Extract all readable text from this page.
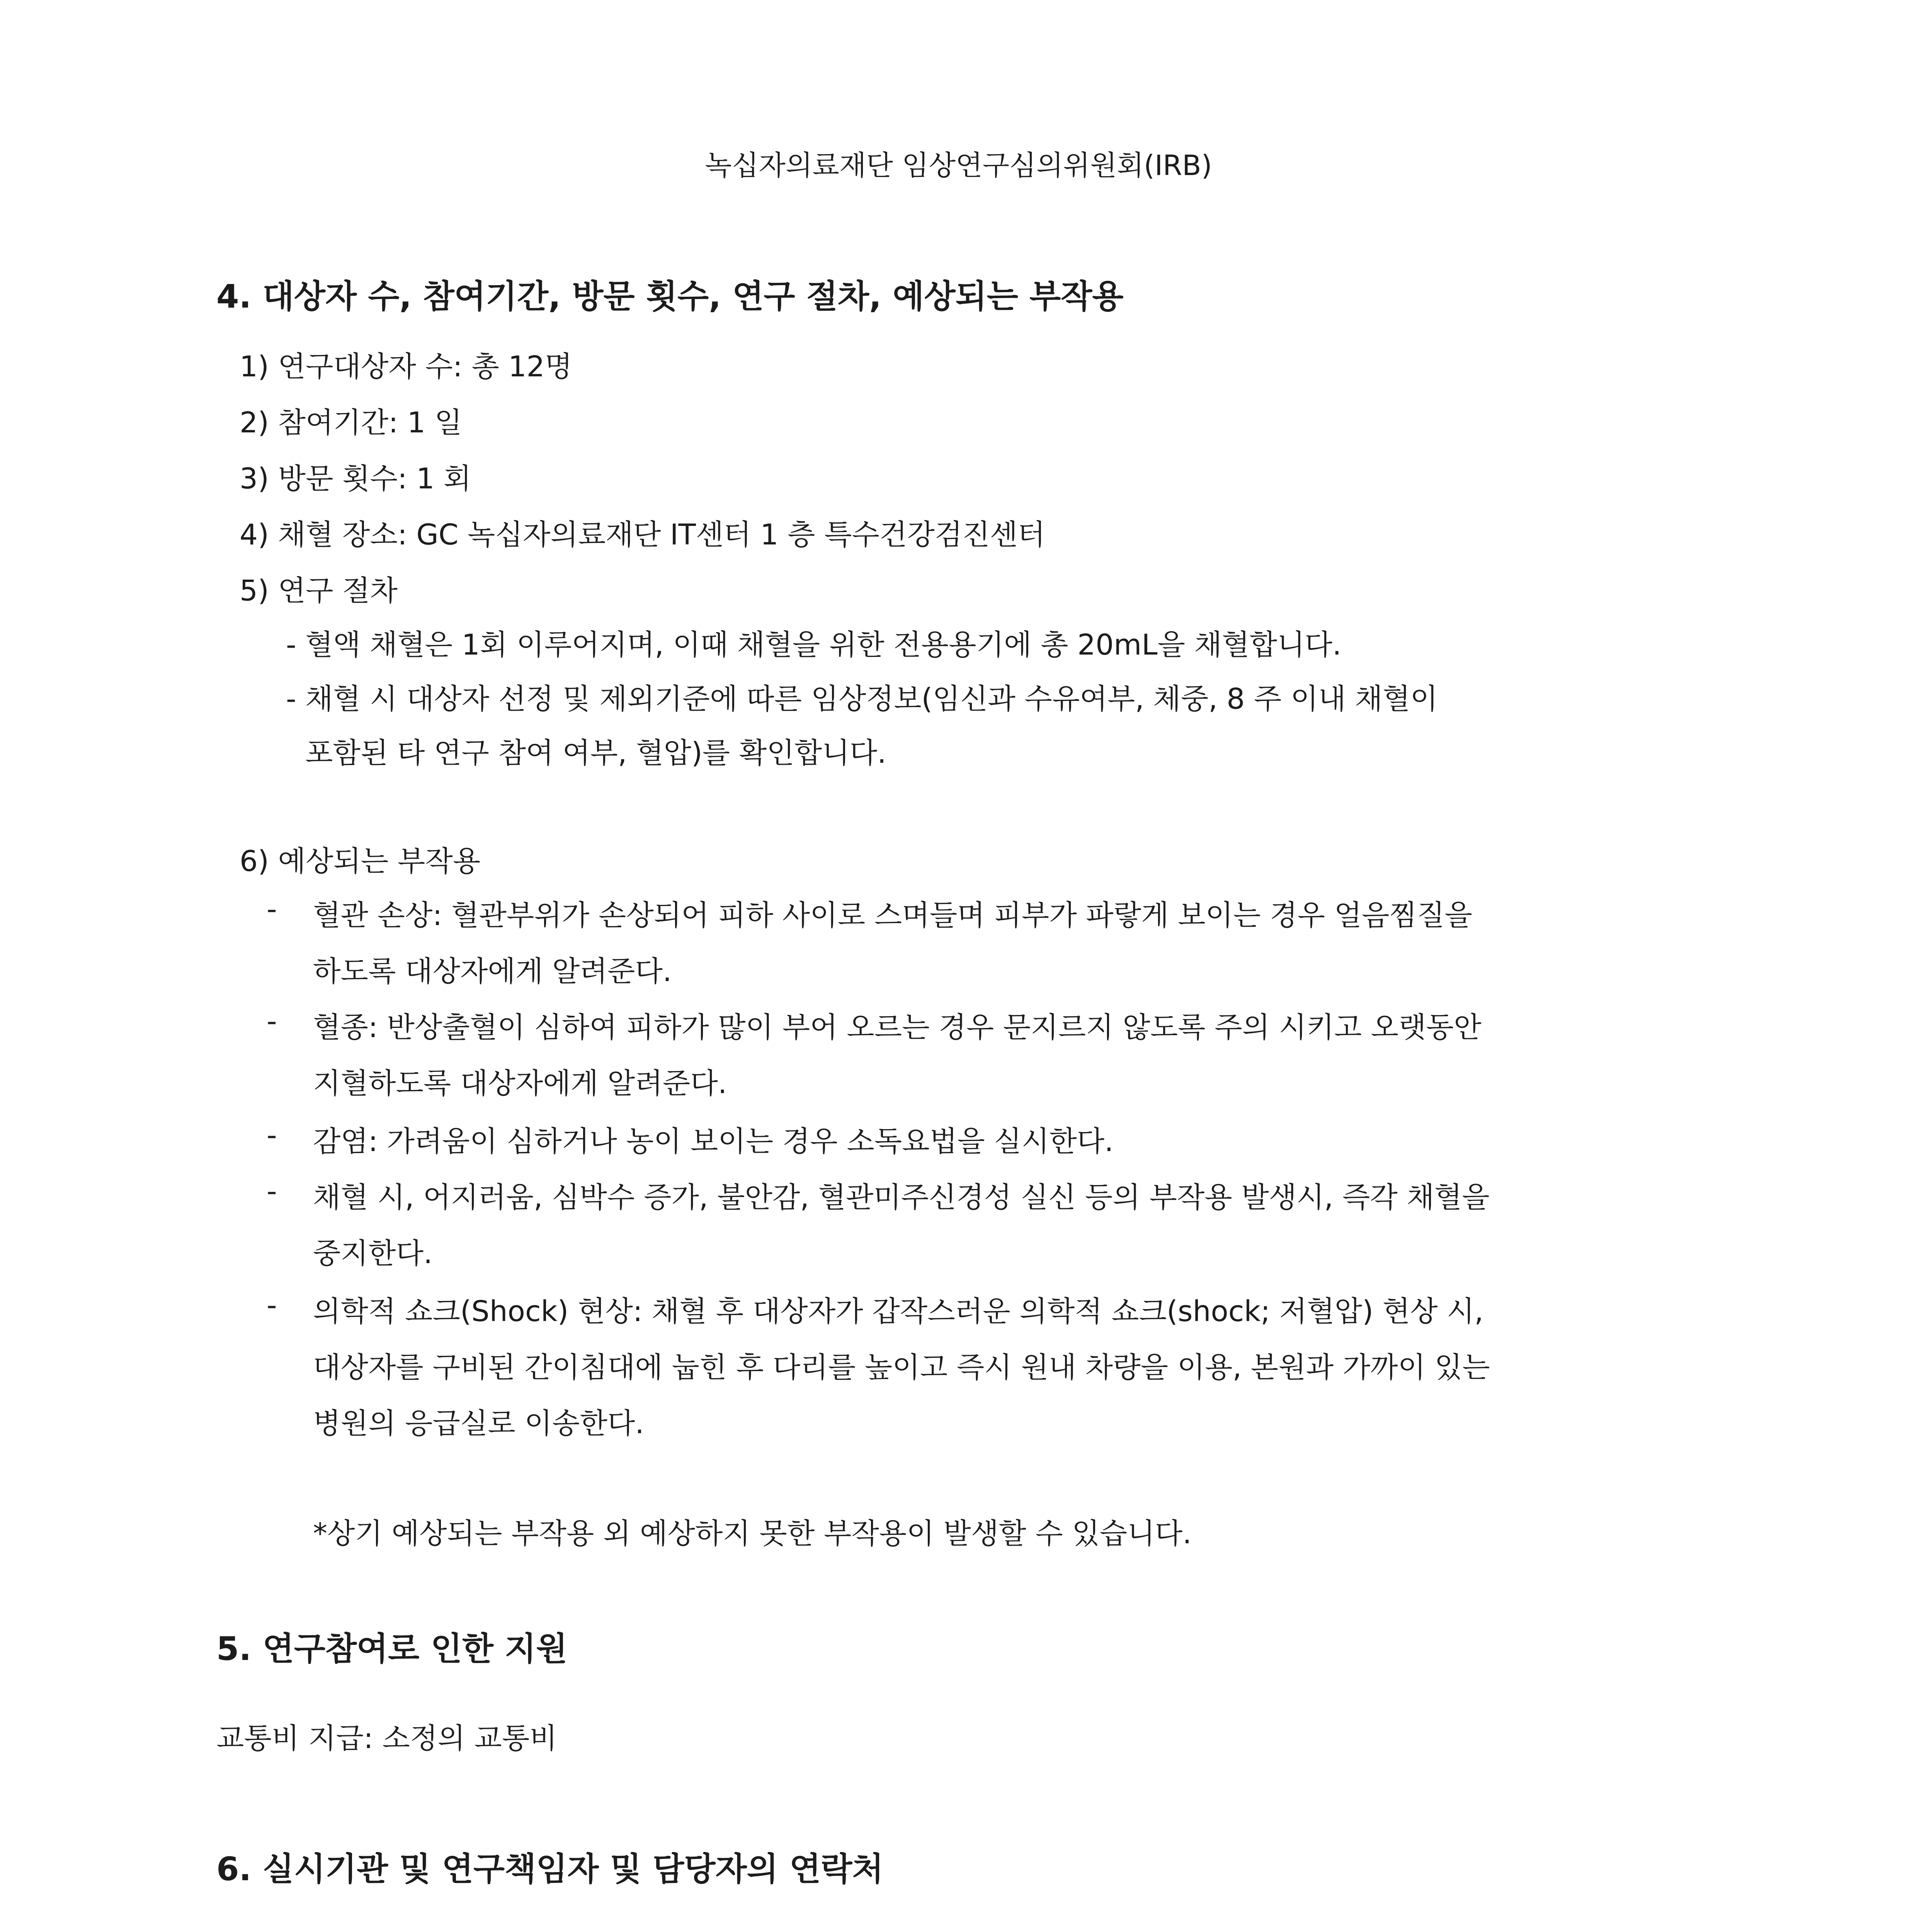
녹십자의료재단 임상연구심의위원회(IRB)
4. 대상자 수, 참여기간, 방문 횟수, 연구 절차, 예상되는 부작용
1) 연구대상자 수: 총 12명
2) 참여기간: 1 일
3) 방문 횟수: 1 회
4) 채혈 장소: GC 녹십자의료재단 IT센터 1 층 특수건강검진센터
5) 연구 절차
- 혈액 채혈은 1회 이루어지며, 이때 채혈을 위한 전용용기에 총 20mL을 채혈합니다.
- 채혈 시 대상자 선정 및 제외기준에 따른 임상정보(임신과 수유여부, 체중, 8 주 이내 채혈이
포함된 타 연구 참여 여부, 혈압)를 확인합니다.
6) 예상되는 부작용
- 혈관 손상: 혈관부위가 손상되어 피하 사이로 스며들며 피부가 파랗게 보이는 경우 얼음찜질을
하도록 대상자에게 알려준다.
- 혈종: 반상출혈이 심하여 피하가 많이 부어 오르는 경우 문지르지 않도록 주의 시키고 오랫동안
지혈하도록 대상자에게 알려준다.
- 감염: 가려움이 심하거나 농이 보이는 경우 소독요법을 실시한다.
- 채혈 시, 어지러움, 심박수 증가, 불안감, 혈관미주신경성 실신 등의 부작용 발생시, 즉각 채혈을
중지한다.
- 의학적 쇼크(Shock) 현상: 채혈 후 대상자가 갑작스러운 의학적 쇼크(shock; 저혈압) 현상 시,
대상자를 구비된 간이침대에 눕힌 후 다리를 높이고 즉시 원내 차량을 이용, 본원과 가까이 있는
병원의 응급실로 이송한다.
*상기 예상되는 부작용 외 예상하지 못한 부작용이 발생할 수 있습니다.
5. 연구참여로 인한 지원
교통비 지급: 소정의 교통비
6. 실시기관 및 연구책임자 및 담당자의 연락처
